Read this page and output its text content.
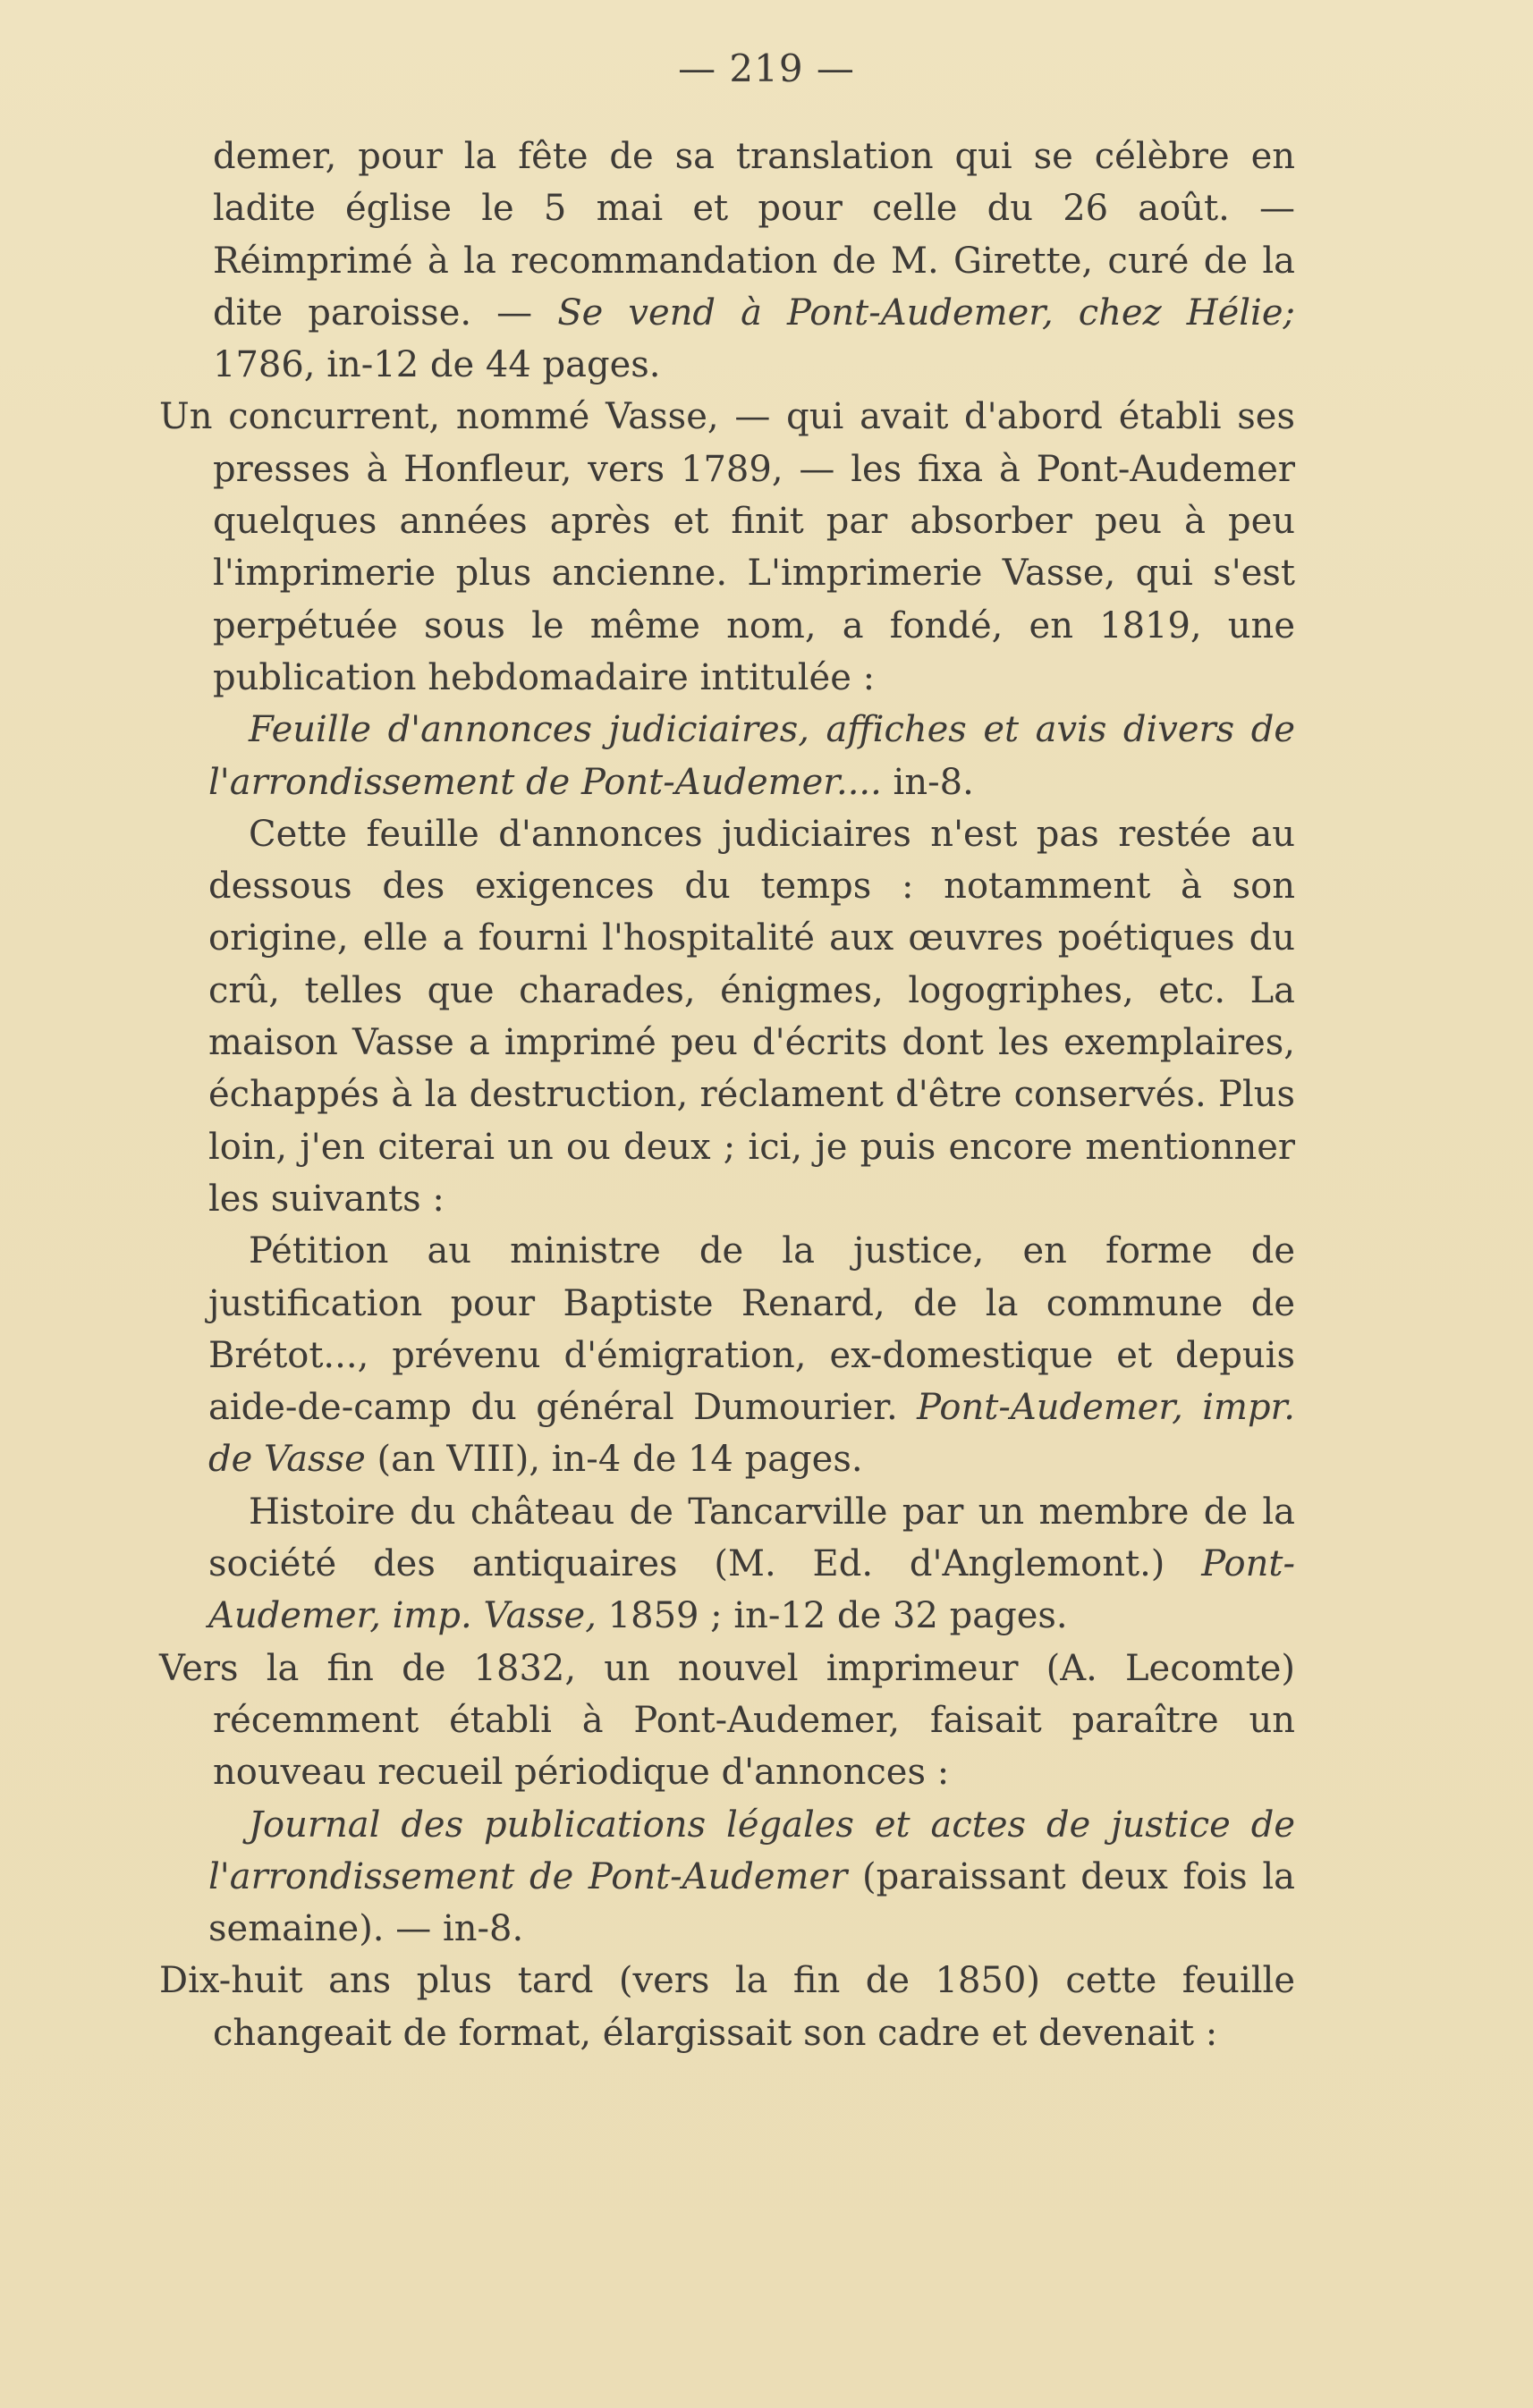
— 219 —

demer, pour la fête de sa translation qui se célèbre en ladite église le 5 mai et pour celle du 26 août. — Réimprimé à la recommandation de M. Girette, curé de la dite paroisse. — Se vend à Pont-Audemer, chez Hélie; 1786, in-12 de 44 pages.

Un concurrent, nommé Vasse, — qui avait d'abord établi ses presses à Honfleur, vers 1789, — les fixa à Pont-Audemer quelques années après et finit par absorber peu à peu l'imprimerie plus ancienne. L'imprimerie Vasse, qui s'est perpétuée sous le même nom, a fondé, en 1819, une publication hebdomadaire intitulée :

Feuille d'annonces judiciaires, affiches et avis divers de l'arrondissement de Pont-Audemer.... in-8.

Cette feuille d'annonces judiciaires n'est pas restée au dessous des exigences du temps : notamment à son origine, elle a fourni l'hospitalité aux œuvres poétiques du crû, telles que charades, énigmes, logogriphes, etc. La maison Vasse a imprimé peu d'écrits dont les exemplaires, échappés à la destruction, réclament d'être conservés. Plus loin, j'en citerai un ou deux ; ici, je puis encore mentionner les suivants :

Pétition au ministre de la justice, en forme de justification pour Baptiste Renard, de la commune de Brétot..., prévenu d'émigration, ex-domestique et depuis aide-de-camp du général Dumourier. Pont-Audemer, impr. de Vasse (an VIII), in-4 de 14 pages.

Histoire du château de Tancarville par un membre de la société des antiquaires (M. Ed. d'Anglemont.) Pont-Audemer, imp. Vasse, 1859 ; in-12 de 32 pages.

Vers la fin de 1832, un nouvel imprimeur (A. Lecomte) récemment établi à Pont-Audemer, faisait paraître un nouveau recueil périodique d'annonces :

Journal des publications légales et actes de justice de l'arrondissement de Pont-Audemer (paraissant deux fois la semaine). — in-8.

Dix-huit ans plus tard (vers la fin de 1850) cette feuille changeait de format, élargissait son cadre et devenait :
